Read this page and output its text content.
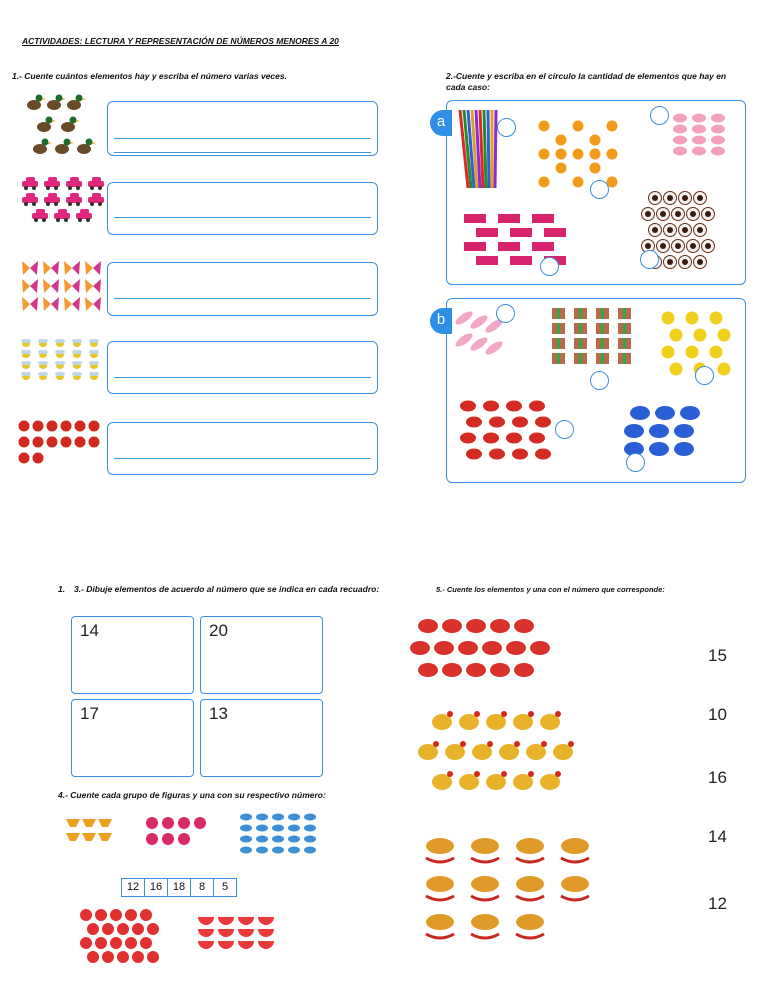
ACTIVIDADES: LECTURA Y REPRESENTACIÓN DE NÚMEROS MENORES A 20
1.- Cuente cuántos elementos hay y escriba el número varias veces.	2.-Cuente y escriba en el círculo la cantidad de elementos que hay en
cada caso:
a
b
1. 3.- Dibuje elementos de acuerdo al número que se indica en cada recuadro:
14	20
17	13
4.- Cuente cada grupo de figuras y una con su respectivo número:
12 16 18	8	5
5.- Cuente los elementos y una con el número que corresponde:
15
10
16
14
12
